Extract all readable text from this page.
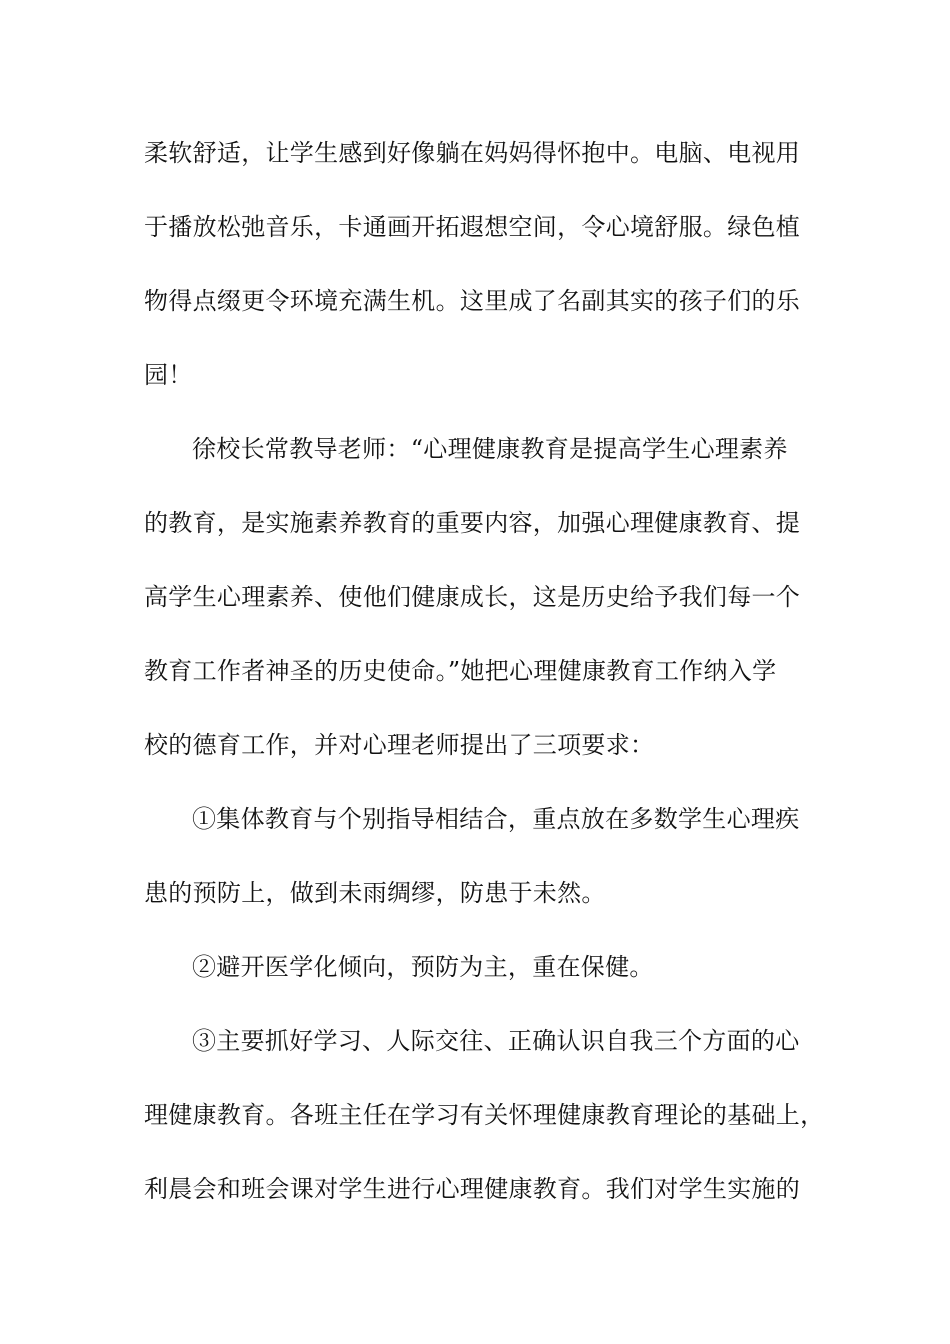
柔软舒适，让学生感到好像躺在妈妈得怀抱中。电脑、电视用
于播放松弛音乐，卡通画开拓遐想空间，令心境舒服。绿色植
物得点缀更令环境充满生机。这里成了名副其实的孩子们的乐
园！
徐校长常教导老师：“心理健康教育是提高学生心理素养
的教育，是实施素养教育的重要内容，加强心理健康教育、提
高学生心理素养、使他们健康成长，这是历史给予我们每一个
教育工作者神圣的历史使命。”她把心理健康教育工作纳入学
校的德育工作，并对心理老师提出了三项要求：
①集体教育与个别指导相结合，重点放在多数学生心理疾
患的预防上，做到未雨绸缪，防患于未然。
②避开医学化倾向，预防为主，重在保健。
③主要抓好学习、人际交往、正确认识自我三个方面的心
理健康教育。各班主任在学习有关怀理健康教育理论的基础上，
利晨会和班会课对学生进行心理健康教育。我们对学生实施的
